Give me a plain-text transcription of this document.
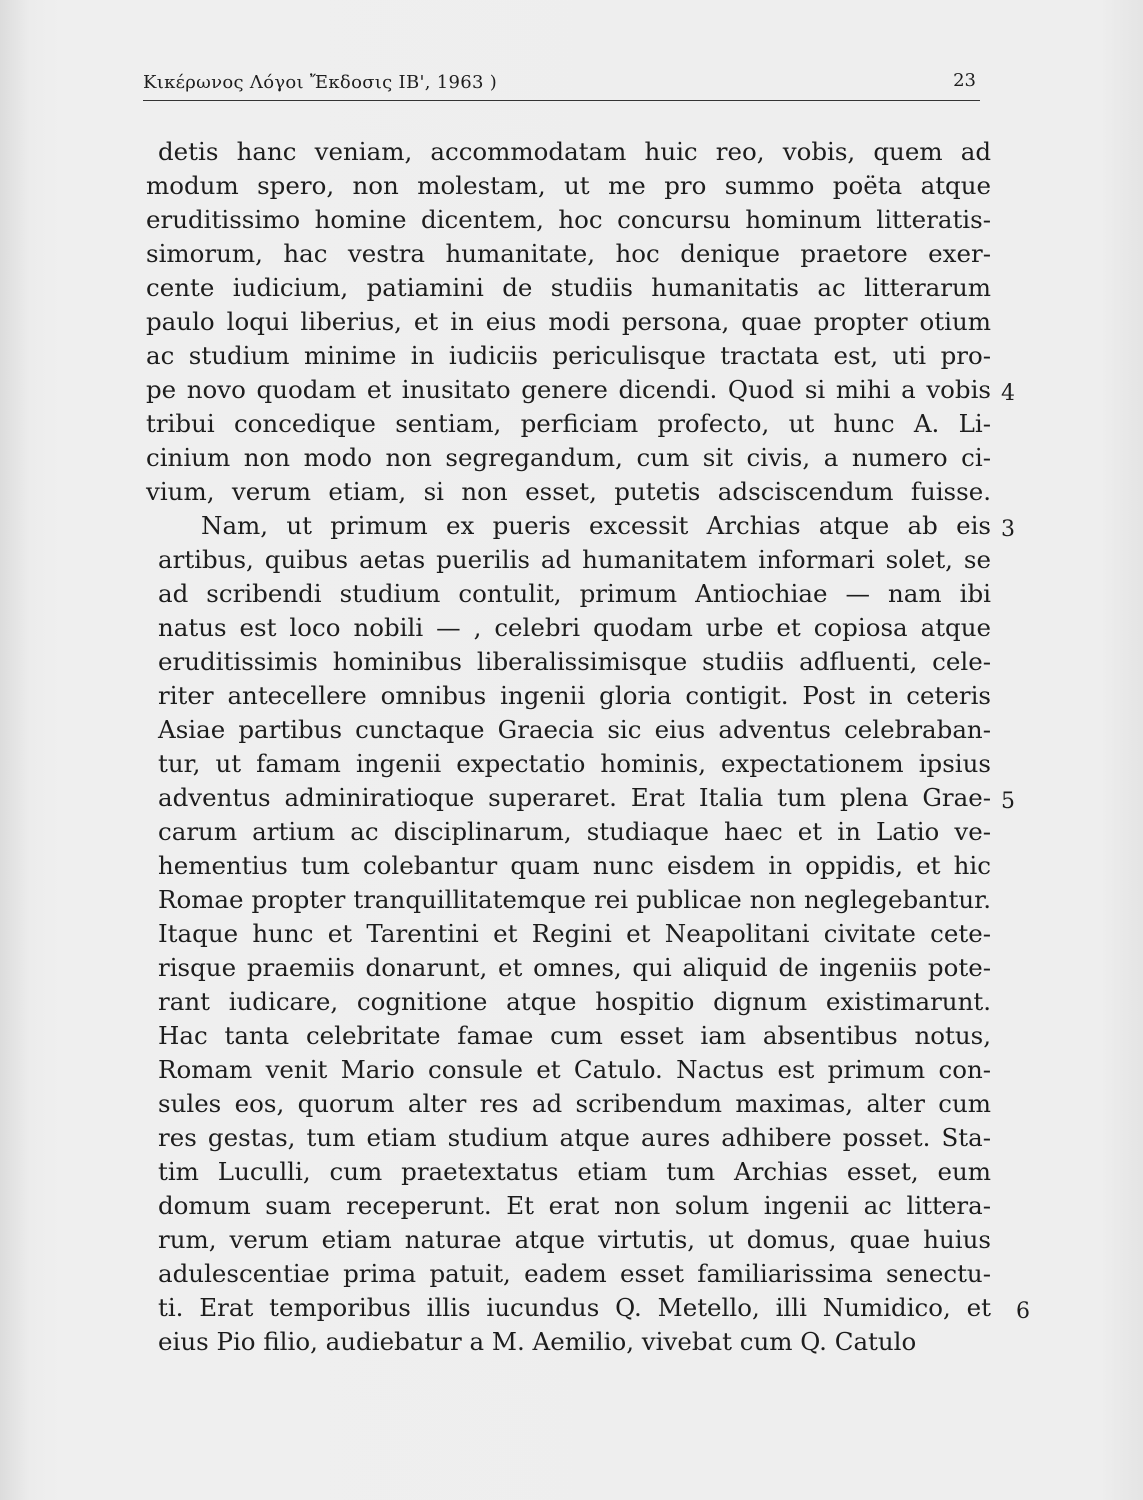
Κικέρωνος Λόγοι Ἔκδοσις ΙΒ', 1963 )	23
detis hanc veniam, accommodatam huic reo, vobis, quem ad
modum spero, non molestam, ut me pro summo poëta atque
eruditissimo homine dicentem, hoc concursu hominum litteratis-
simorum, hac vestra humanitate, hoc denique praetore exer-
cente iudicium, patiamini de studiis humanitatis ac litterarum
paulo loqui liberius, et in eius modi persona, quae propter otium
ac studium minime in iudiciis periculisque tractata est, uti pro-
pe novo quodam et inusitato genere dicendi. Quod si mihi a vobis
tribui concedique sentiam, perficiam profecto, ut hunc A. Li-
cinium non modo non segregandum, cum sit civis, a numero ci-
vium, verum etiam, si non esset, putetis adsciscendum fuisse.
Nam, ut primum ex pueris excessit Archias atque ab eis
artibus, quibus aetas puerilis ad humanitatem informari solet, se
ad scribendi studium contulit, primum Antiochiae — nam ibi
natus est loco nobili — , celebri quodam urbe et copiosa atque
eruditissimis hominibus liberalissimisque studiis adfluenti, cele-
riter antecellere omnibus ingenii gloria contigit. Post in ceteris
Asiae partibus cunctaque Graecia sic eius adventus celebraban-
tur, ut famam ingenii expectatio hominis, expectationem ipsius
adventus adminiratioque superaret. Erat Italia tum plena Grae-
carum artium ac disciplinarum, studiaque haec et in Latio ve-
hementius tum colebantur quam nunc eisdem in oppidis, et hic
Romae propter tranquillitatemque rei publicae non neglegebantur.
Itaque hunc et Tarentini et Regini et Neapolitani civitate cete-
risque praemiis donarunt, et omnes, qui aliquid de ingeniis pote-
rant iudicare, cognitione atque hospitio dignum existimarunt.
Hac tanta celebritate famae cum esset iam absentibus notus,
Romam venit Mario consule et Catulo. Nactus est primum con-
sules eos, quorum alter res ad scribendum maximas, alter cum
res gestas, tum etiam studium atque aures adhibere posset. Sta-
tim Luculli, cum praetextatus etiam tum Archias esset, eum
domum suam receperunt. Et erat non solum ingenii ac littera-
rum, verum etiam naturae atque virtutis, ut domus, quae huius
adulescentiae prima patuit, eadem esset familiarissima senectu-
ti. Erat temporibus illis iucundus Q. Metello, illi Numidico, et
eius Pio filio, audiebatur a M. Aemilio, vivebat cum Q. Catulo
4
3
5
6
